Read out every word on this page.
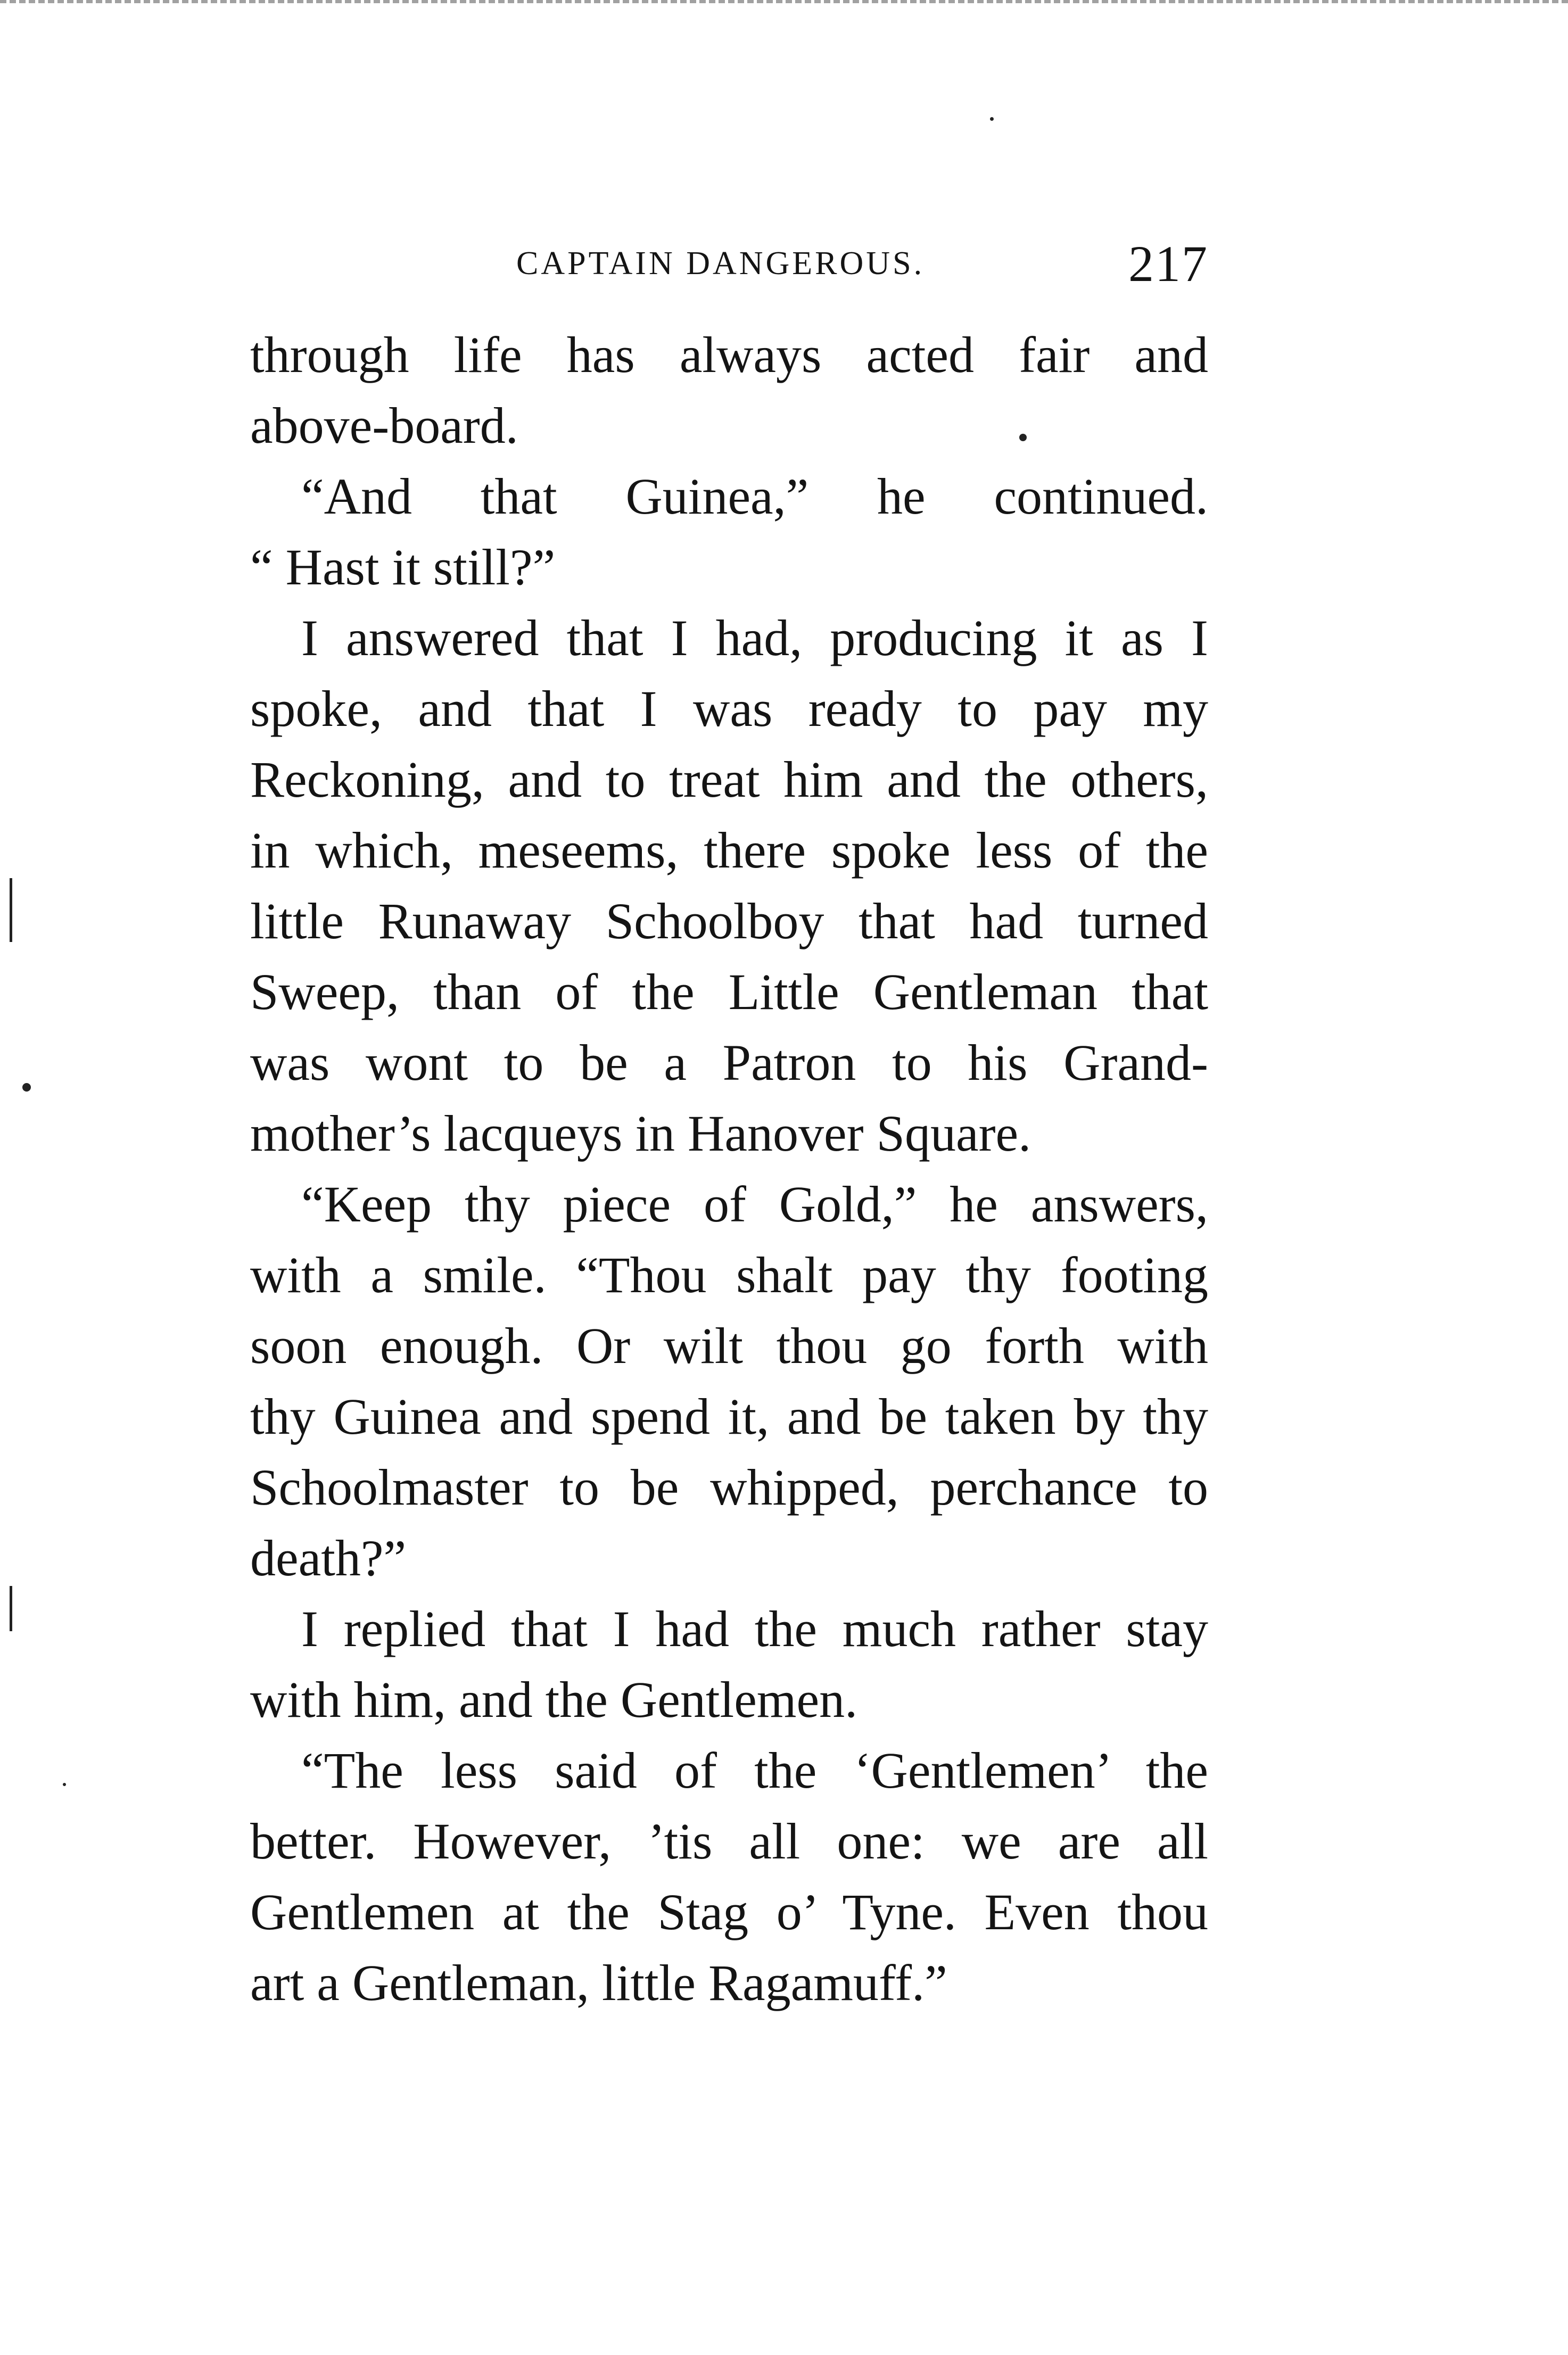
CAPTAIN DANGEROUS.	217
through life has always acted fair and
above-board.
“And that Guinea,” he continued.
“ Hast it still?”
I answered that I had, producing it as I
spoke, and that I was ready to pay my
Reckoning, and to treat him and the others,
in which, meseems, there spoke less of the
little Runaway Schoolboy that had turned
Sweep, than of the Little Gentleman that
was wont to be a Patron to his Grand-
mother’s lacqueys in Hanover Square.
“Keep thy piece of Gold,” he answers,
with a smile. “Thou shalt pay thy footing
soon enough. Or wilt thou go forth with
thy Guinea and spend it, and be taken by thy
Schoolmaster to be whipped, perchance to
death?”
I replied that I had the much rather stay
with him, and the Gentlemen.
“The less said of the ‘Gentlemen’ the
better. However, ’tis all one: we are all
Gentlemen at the Stag o’ Tyne. Even thou
art a Gentleman, little Ragamuff.”
